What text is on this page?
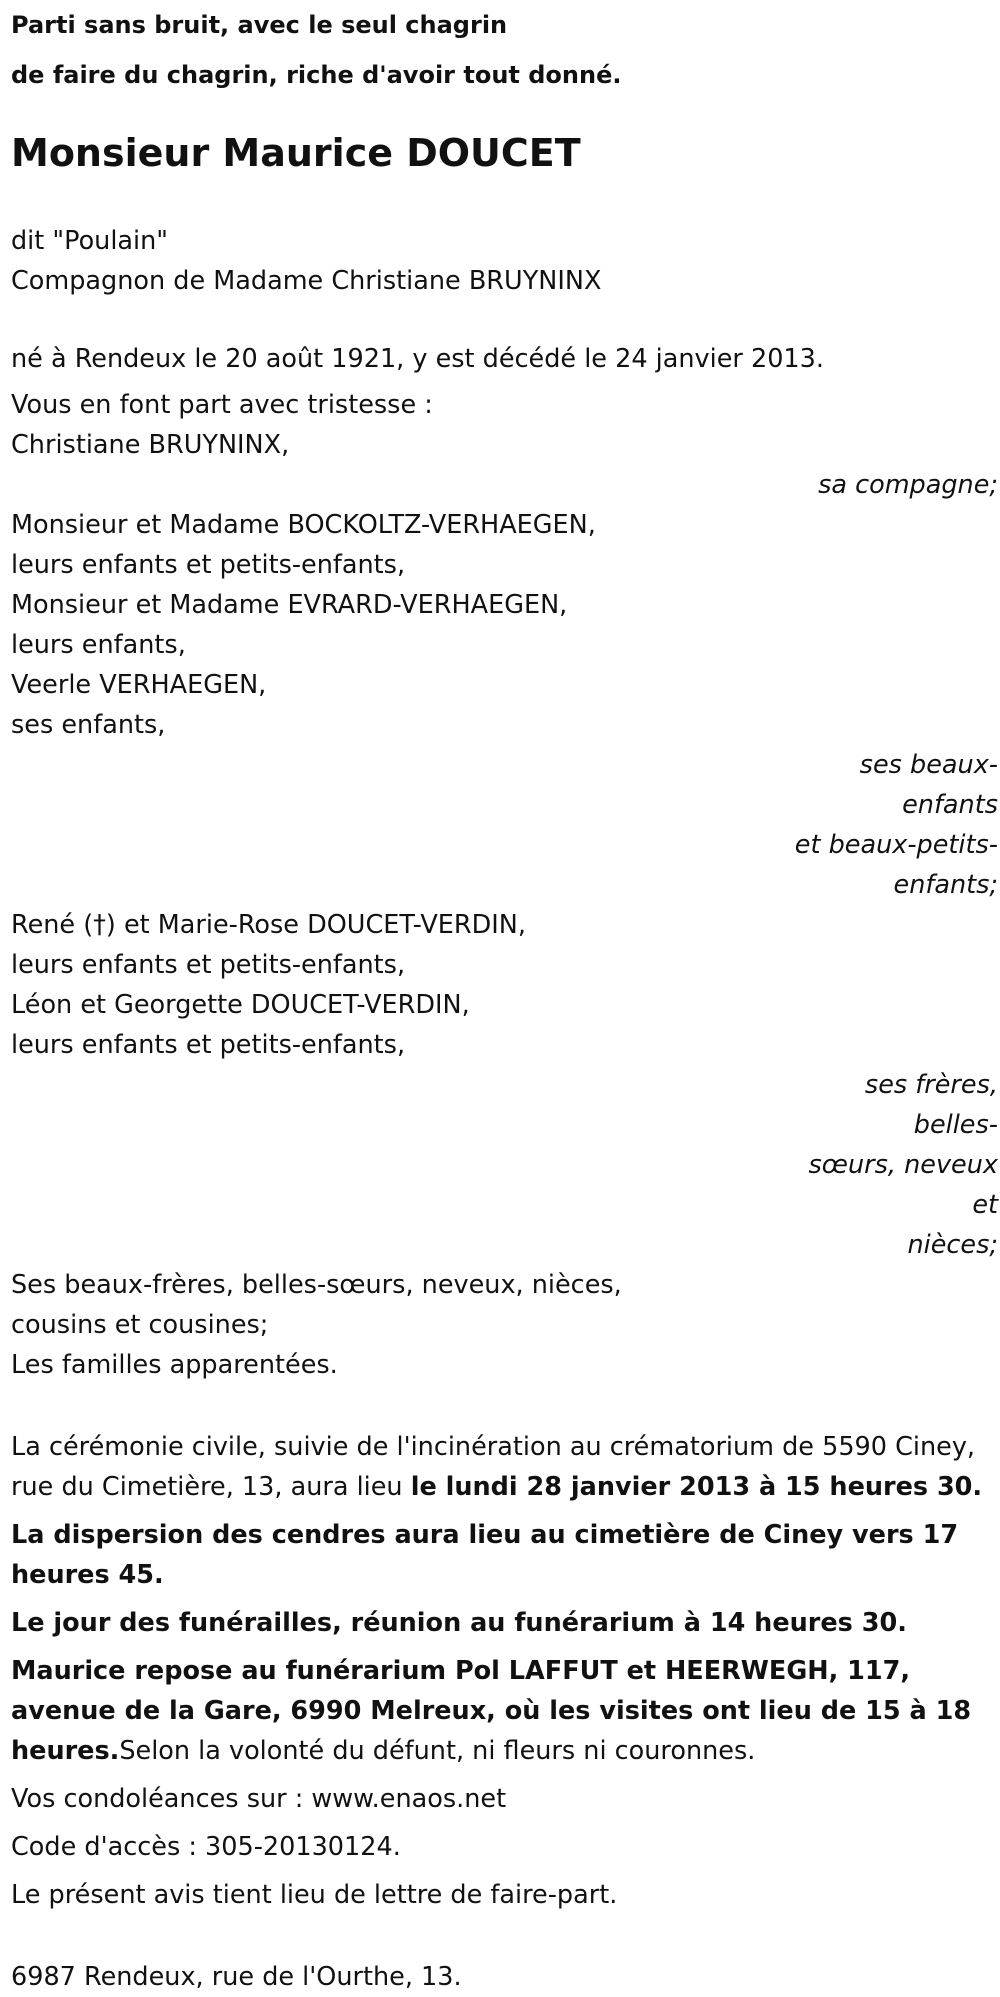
Parti sans bruit, avec le seul chagrin
de faire du chagrin, riche d'avoir tout donné.
Monsieur Maurice DOUCET
dit "Poulain"
Compagnon de Madame Christiane BRUYNINX
né à Rendeux le 20 août 1921, y est décédé le 24 janvier 2013.
Vous en font part avec tristesse :
Christiane BRUYNINX,
sa compagne;
Monsieur et Madame BOCKOLTZ-VERHAEGEN,
leurs enfants et petits-enfants,
Monsieur et Madame EVRARD-VERHAEGEN,
leurs enfants,
Veerle VERHAEGEN,
ses enfants,
ses beaux-enfants
et beaux-petits-
enfants;
René (†) et Marie-Rose DOUCET-VERDIN,
leurs enfants et petits-enfants,
Léon et Georgette DOUCET-VERDIN,
leurs enfants et petits-enfants,
ses frères, belles-
sœurs, neveux et
nièces;
Ses beaux-frères, belles-sœurs, neveux, nièces,
cousins et cousines;
Les familles apparentées.
La cérémonie civile, suivie de l'incinération au crématorium de 5590 Ciney, rue du Cimetière, 13, aura lieu le lundi 28 janvier 2013 à 15 heures 30.
La dispersion des cendres aura lieu au cimetière de Ciney vers 17 heures 45.
Le jour des funérailles, réunion au funérarium à 14 heures 30.
Maurice repose au funérarium Pol LAFFUT et HEERWEGH, 117, avenue de la Gare, 6990 Melreux, où les visites ont lieu de 15 à 18 heures.Selon la volonté du défunt, ni fleurs ni couronnes.
Vos condoléances sur : www.enaos.net
Code d'accès : 305-20130124.
Le présent avis tient lieu de lettre de faire-part.
6987 Rendeux, rue de l'Ourthe, 13.
